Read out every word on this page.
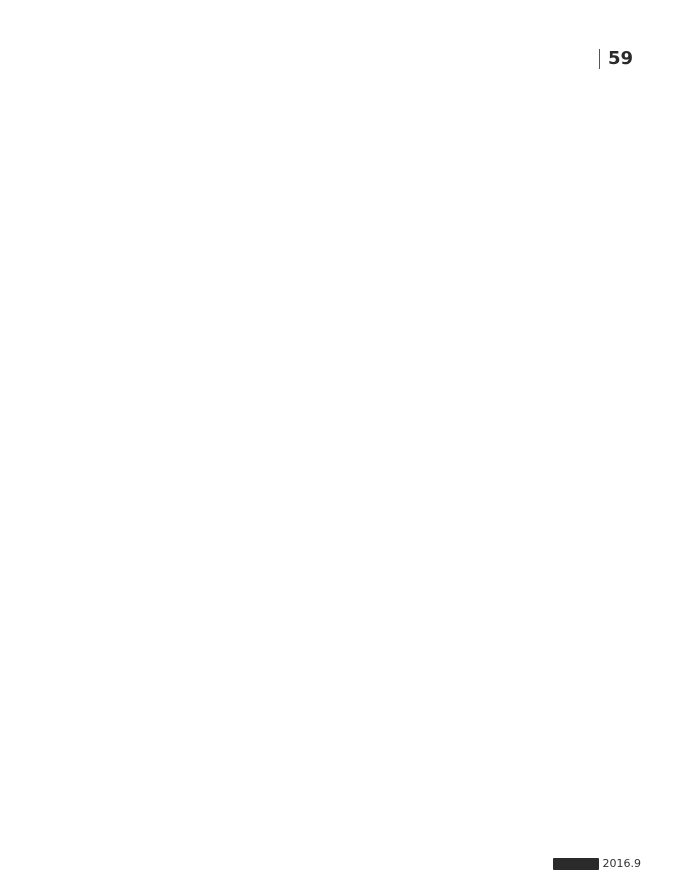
59

2016.9
